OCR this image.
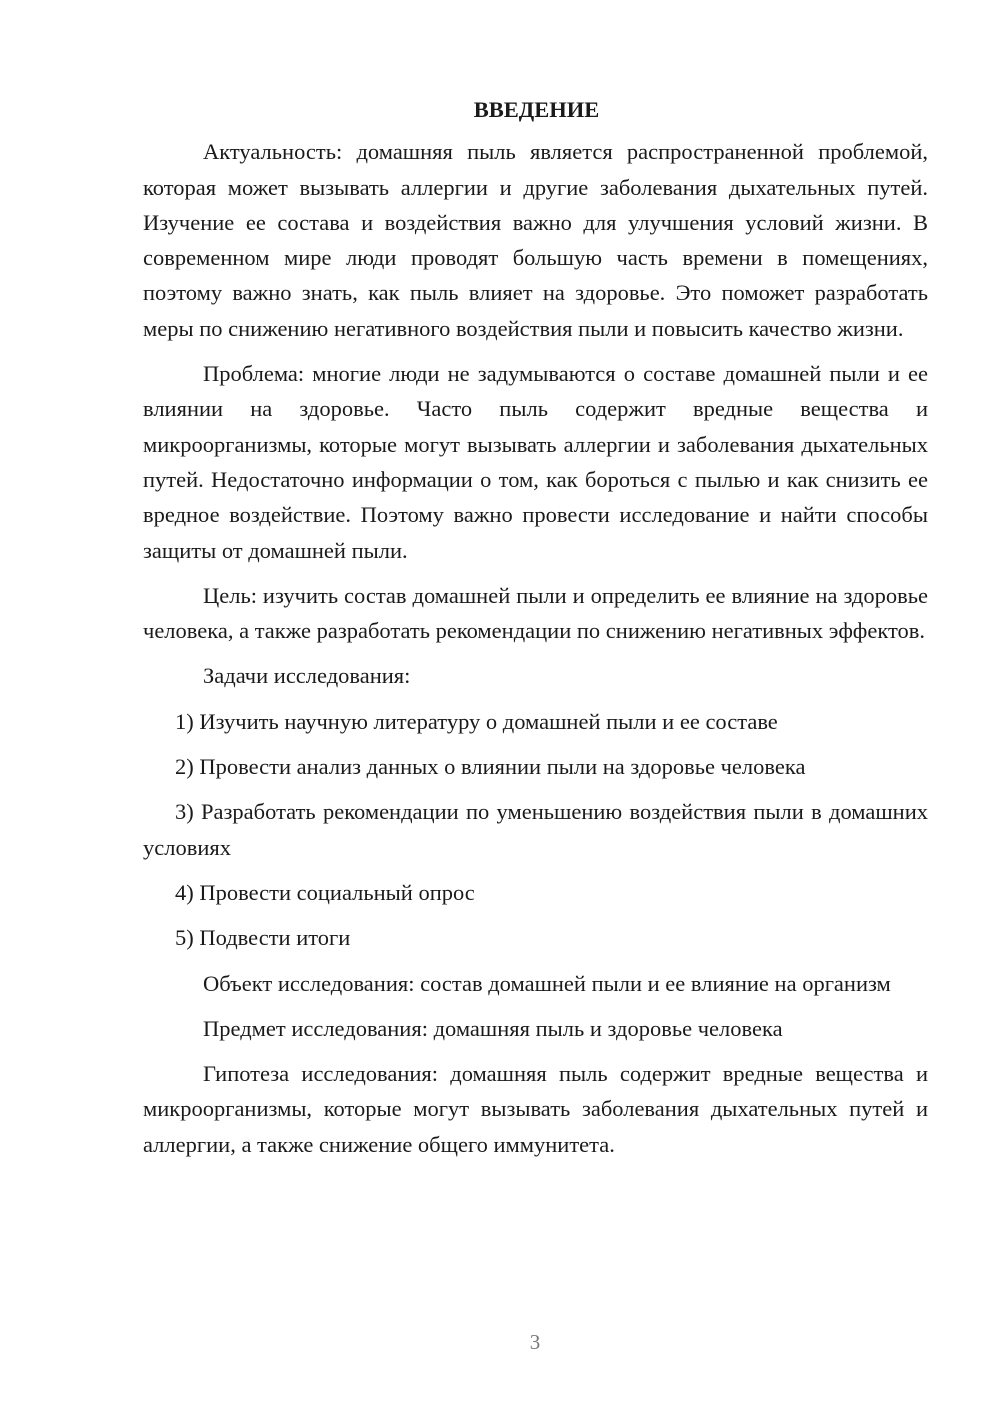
ВВЕДЕНИЕ

Актуальность: домашняя пыль является распространенной проблемой, которая может вызывать аллергии и другие заболевания дыхательных путей. Изучение ее состава и воздействия важно для улучшения условий жизни. В современном мире люди проводят большую часть времени в помещениях, поэтому важно знать, как пыль влияет на здоровье. Это поможет разработать меры по снижению негативного воздействия пыли и повысить качество жизни.

Проблема: многие люди не задумываются о составе домашней пыли и ее влиянии на здоровье. Часто пыль содержит вредные вещества и микроорганизмы, которые могут вызывать аллергии и заболевания дыхательных путей. Недостаточно информации о том, как бороться с пылью и как снизить ее вредное воздействие. Поэтому важно провести исследование и найти способы защиты от домашней пыли.

Цель: изучить состав домашней пыли и определить ее влияние на здоровье человека, а также разработать рекомендации по снижению негативных эффектов.

Задачи исследования:

1) Изучить научную литературу о домашней пыли и ее составе

2) Провести анализ данных о влиянии пыли на здоровье человека

3) Разработать рекомендации по уменьшению воздействия пыли в домашних условиях

4) Провести социальный опрос

5) Подвести итоги

Объект исследования: состав домашней пыли и ее влияние на организм

Предмет исследования: домашняя пыль и здоровье человека

Гипотеза исследования: домашняя пыль содержит вредные вещества и микроорганизмы, которые могут вызывать заболевания дыхательных путей и аллергии, а также снижение общего иммунитета.

3
